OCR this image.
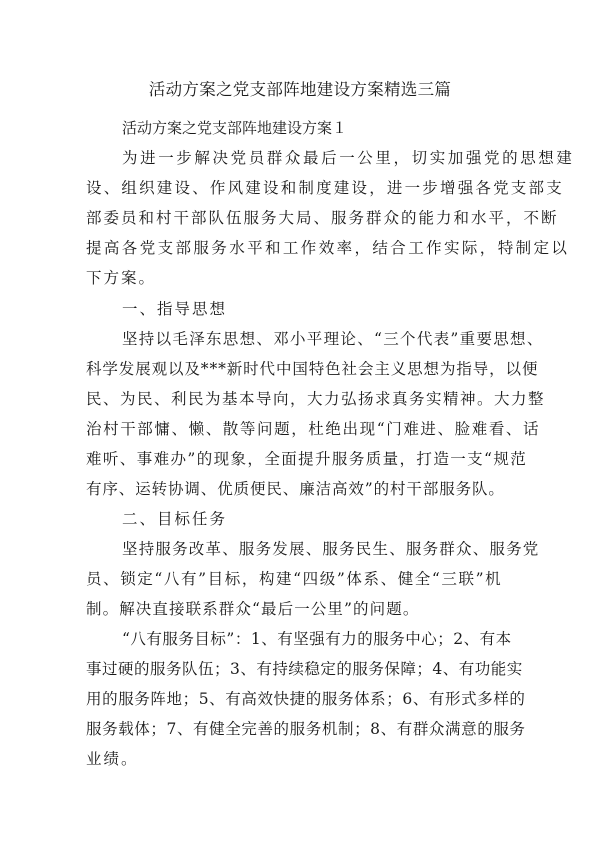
活动方案之党支部阵地建设方案精选三篇
活动方案之党支部阵地建设方案１
为进一步解决党员群众最后一公里，切实加强党的思想建
设、组织建设、作风建设和制度建设，进一步增强各党支部支
部委员和村干部队伍服务大局、服务群众的能力和水平，不断
提高各党支部服务水平和工作效率，结合工作实际，特制定以
下方案。
一、指导思想
坚持以毛泽东思想、邓小平理论、“三个代表”重要思想、
科学发展观以及***新时代中国特色社会主义思想为指导，以便
民、为民、利民为基本导向，大力弘扬求真务实精神。大力整
治村干部慵、懒、散等问题，杜绝出现“门难进、脸难看、话
难听、事难办”的现象，全面提升服务质量，打造一支“规范
有序、运转协调、优质便民、廉洁高效”的村干部服务队。
二、目标任务
坚持服务改革、服务发展、服务民生、服务群众、服务党
员、锁定“八有”目标，构建“四级”体系、健全“三联”机
制。解决直接联系群众“最后一公里”的问题。
“八有服务目标”：1、有坚强有力的服务中心；2、有本
事过硬的服务队伍；3、有持续稳定的服务保障；4、有功能实
用的服务阵地；5、有高效快捷的服务体系；6、有形式多样的
服务载体；7、有健全完善的服务机制；8、有群众满意的服务
业绩。
